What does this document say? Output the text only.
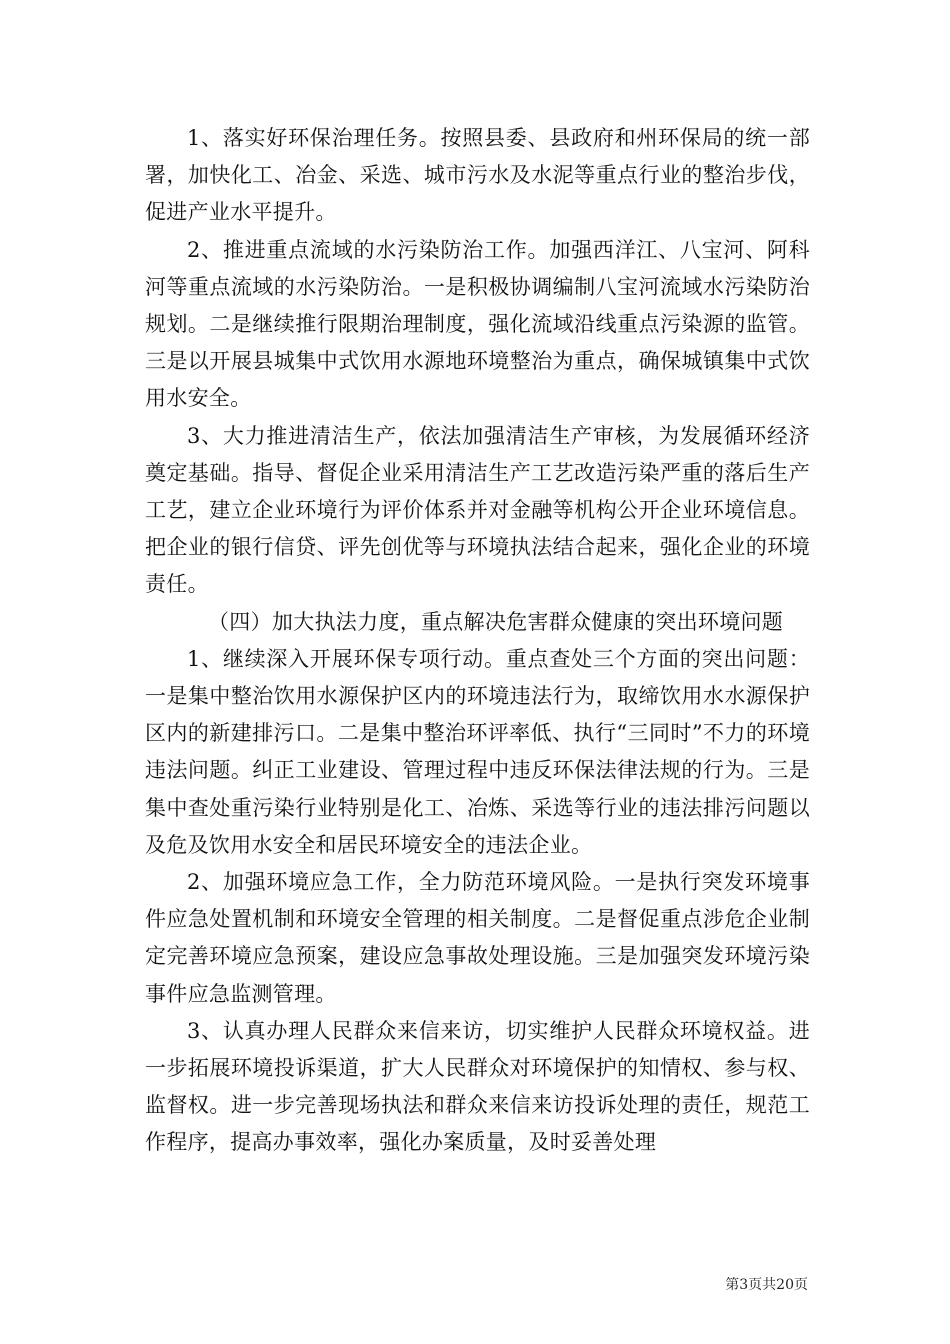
1、落实好环保治理任务。按照县委、县政府和州环保局的统一部署，加快化工、冶金、采选、城市污水及水泥等重点行业的整治步伐，促进产业水平提升。

2、推进重点流域的水污染防治工作。加强西洋江、八宝河、阿科河等重点流域的水污染防治。一是积极协调编制八宝河流域水污染防治规划。二是继续推行限期治理制度，强化流域沿线重点污染源的监管。三是以开展县城集中式饮用水源地环境整治为重点，确保城镇集中式饮用水安全。

3、大力推进清洁生产，依法加强清洁生产审核，为发展循环经济奠定基础。指导、督促企业采用清洁生产工艺改造污染严重的落后生产工艺，建立企业环境行为评价体系并对金融等机构公开企业环境信息。把企业的银行信贷、评先创优等与环境执法结合起来，强化企业的环境责任。

（四）加大执法力度，重点解决危害群众健康的突出环境问题

1、继续深入开展环保专项行动。重点查处三个方面的突出问题：一是集中整治饮用水源保护区内的环境违法行为，取缔饮用水水源保护区内的新建排污口。二是集中整治环评率低、执行“三同时”不力的环境违法问题。纠正工业建设、管理过程中违反环保法律法规的行为。三是集中查处重污染行业特别是化工、冶炼、采选等行业的违法排污问题以及危及饮用水安全和居民环境安全的违法企业。

2、加强环境应急工作，全力防范环境风险。一是执行突发环境事件应急处置机制和环境安全管理的相关制度。二是督促重点涉危企业制定完善环境应急预案，建设应急事故处理设施。三是加强突发环境污染事件应急监测管理。

3、认真办理人民群众来信来访，切实维护人民群众环境权益。进一步拓展环境投诉渠道，扩大人民群众对环境保护的知情权、参与权、监督权。进一步完善现场执法和群众来信来访投诉处理的责任，规范工作程序，提高办事效率，强化办案质量，及时妥善处理

第3页共20页
